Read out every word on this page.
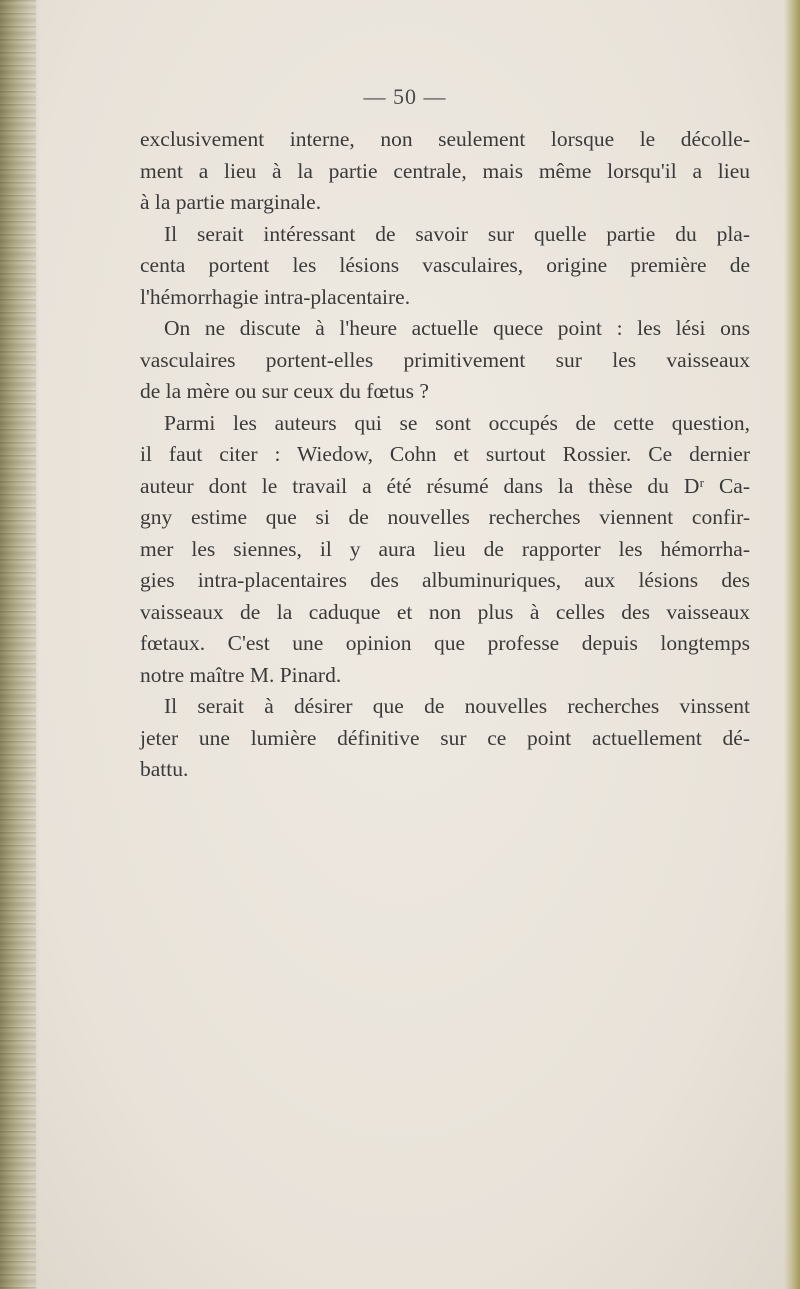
— 50 —
exclusivement interne, non seulement lorsque le décolle-
ment a lieu à la partie centrale, mais même lorsqu'il a lieu
à la partie marginale.
Il serait intéressant de savoir sur quelle partie du pla-
centa portent les lésions vasculaires, origine première de
l'hémorrhagie intra-placentaire.
On ne discute à l'heure actuelle quece point : les lési ons
vasculaires portent-elles primitivement sur les vaisseaux
de la mère ou sur ceux du fœtus ?
Parmi les auteurs qui se sont occupés de cette question,
il faut citer : Wiedow, Cohn et surtout Rossier. Ce dernier
auteur dont le travail a été résumé dans la thèse du Dʳ Ca-
gny estime que si de nouvelles recherches viennent confir-
mer les siennes, il y aura lieu de rapporter les hémorrha-
gies intra-placentaires des albuminuriques, aux lésions des
vaisseaux de la caduque et non plus à celles des vaisseaux
fœtaux. C'est une opinion que professe depuis longtemps
notre maître M. Pinard.
Il serait à désirer que de nouvelles recherches vinssent
jeter une lumière définitive sur ce point actuellement dé-
battu.
